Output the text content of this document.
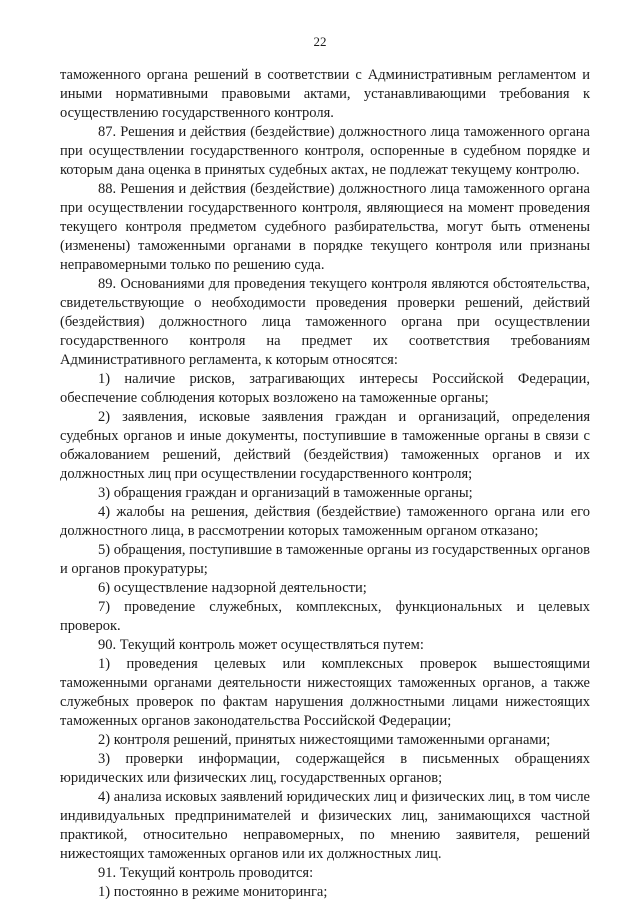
22

таможенного органа решений в соответствии с Административным регламентом и иными нормативными правовыми актами, устанавливающими требования к осуществлению государственного контроля.

87. Решения и действия (бездействие) должностного лица таможенного органа при осуществлении государственного контроля, оспоренные в судебном порядке и которым дана оценка в принятых судебных актах, не подлежат текущему контролю.

88. Решения и действия (бездействие) должностного лица таможенного органа при осуществлении государственного контроля, являющиеся на момент проведения текущего контроля предметом судебного разбирательства, могут быть отменены (изменены) таможенными органами в порядке текущего контроля или признаны неправомерными только по решению суда.

89. Основаниями для проведения текущего контроля являются обстоятельства, свидетельствующие о необходимости проведения проверки решений, действий (бездействия) должностного лица таможенного органа при осуществлении государственного контроля на предмет их соответствия требованиям Административного регламента, к которым относятся:

1) наличие рисков, затрагивающих интересы Российской Федерации, обеспечение соблюдения которых возложено на таможенные органы;

2) заявления, исковые заявления граждан и организаций, определения судебных органов и иные документы, поступившие в таможенные органы в связи с обжалованием решений, действий (бездействия) таможенных органов и их должностных лиц при осуществлении государственного контроля;

3) обращения граждан и организаций в таможенные органы;

4) жалобы на решения, действия (бездействие) таможенного органа или его должностного лица, в рассмотрении которых таможенным органом отказано;

5) обращения, поступившие в таможенные органы из государственных органов и органов прокуратуры;

6) осуществление надзорной деятельности;

7) проведение служебных, комплексных, функциональных и целевых проверок.

90. Текущий контроль может осуществляться путем:

1) проведения целевых или комплексных проверок вышестоящими таможенными органами деятельности нижестоящих таможенных органов, а также служебных проверок по фактам нарушения должностными лицами нижестоящих таможенных органов законодательства Российской Федерации;

2) контроля решений, принятых нижестоящими таможенными органами;

3) проверки информации, содержащейся в письменных обращениях юридических или физических лиц, государственных органов;

4) анализа исковых заявлений юридических лиц и физических лиц, в том числе индивидуальных предпринимателей и физических лиц, занимающихся частной практикой, относительно неправомерных, по мнению заявителя, решений нижестоящих таможенных органов или их должностных лиц.

91. Текущий контроль проводится:

1) постоянно в режиме мониторинга;
